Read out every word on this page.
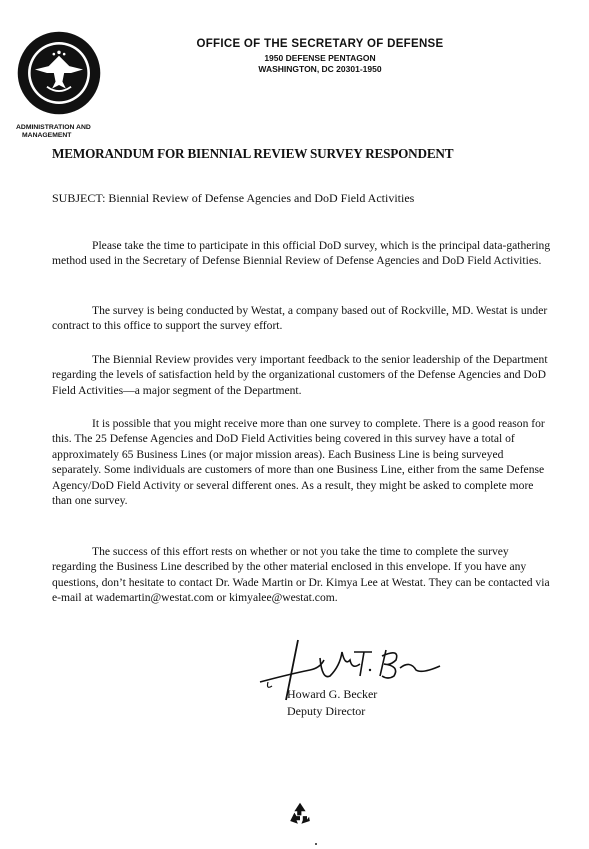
OFFICE OF THE SECRETARY OF DEFENSE
1950 DEFENSE PENTAGON
WASHINGTON, DC 20301-1950
ADMINISTRATION AND
MANAGEMENT
MEMORANDUM FOR BIENNIAL REVIEW SURVEY RESPONDENT
SUBJECT: Biennial Review of Defense Agencies and DoD Field Activities
Please take the time to participate in this official DoD survey, which is the principal data-gathering method used in the Secretary of Defense Biennial Review of Defense Agencies and DoD Field Activities.
The survey is being conducted by Westat, a company based out of Rockville, MD. Westat is under contract to this office to support the survey effort.
The Biennial Review provides very important feedback to the senior leadership of the Department regarding the levels of satisfaction held by the organizational customers of the Defense Agencies and DoD Field Activities—a major segment of the Department.
It is possible that you might receive more than one survey to complete. There is a good reason for this. The 25 Defense Agencies and DoD Field Activities being covered in this survey have a total of approximately 65 Business Lines (or major mission areas). Each Business Line is being surveyed separately. Some individuals are customers of more than one Business Line, either from the same Defense Agency/DoD Field Activity or several different ones. As a result, they might be asked to complete more than one survey.
The success of this effort rests on whether or not you take the time to complete the survey regarding the Business Line described by the other material enclosed in this envelope. If you have any questions, don’t hesitate to contact Dr. Wade Martin or Dr. Kimya Lee at Westat. They can be contacted via e-mail at wademartin@westat.com or kimyalee@westat.com.
Howard G. Becker
Deputy Director
